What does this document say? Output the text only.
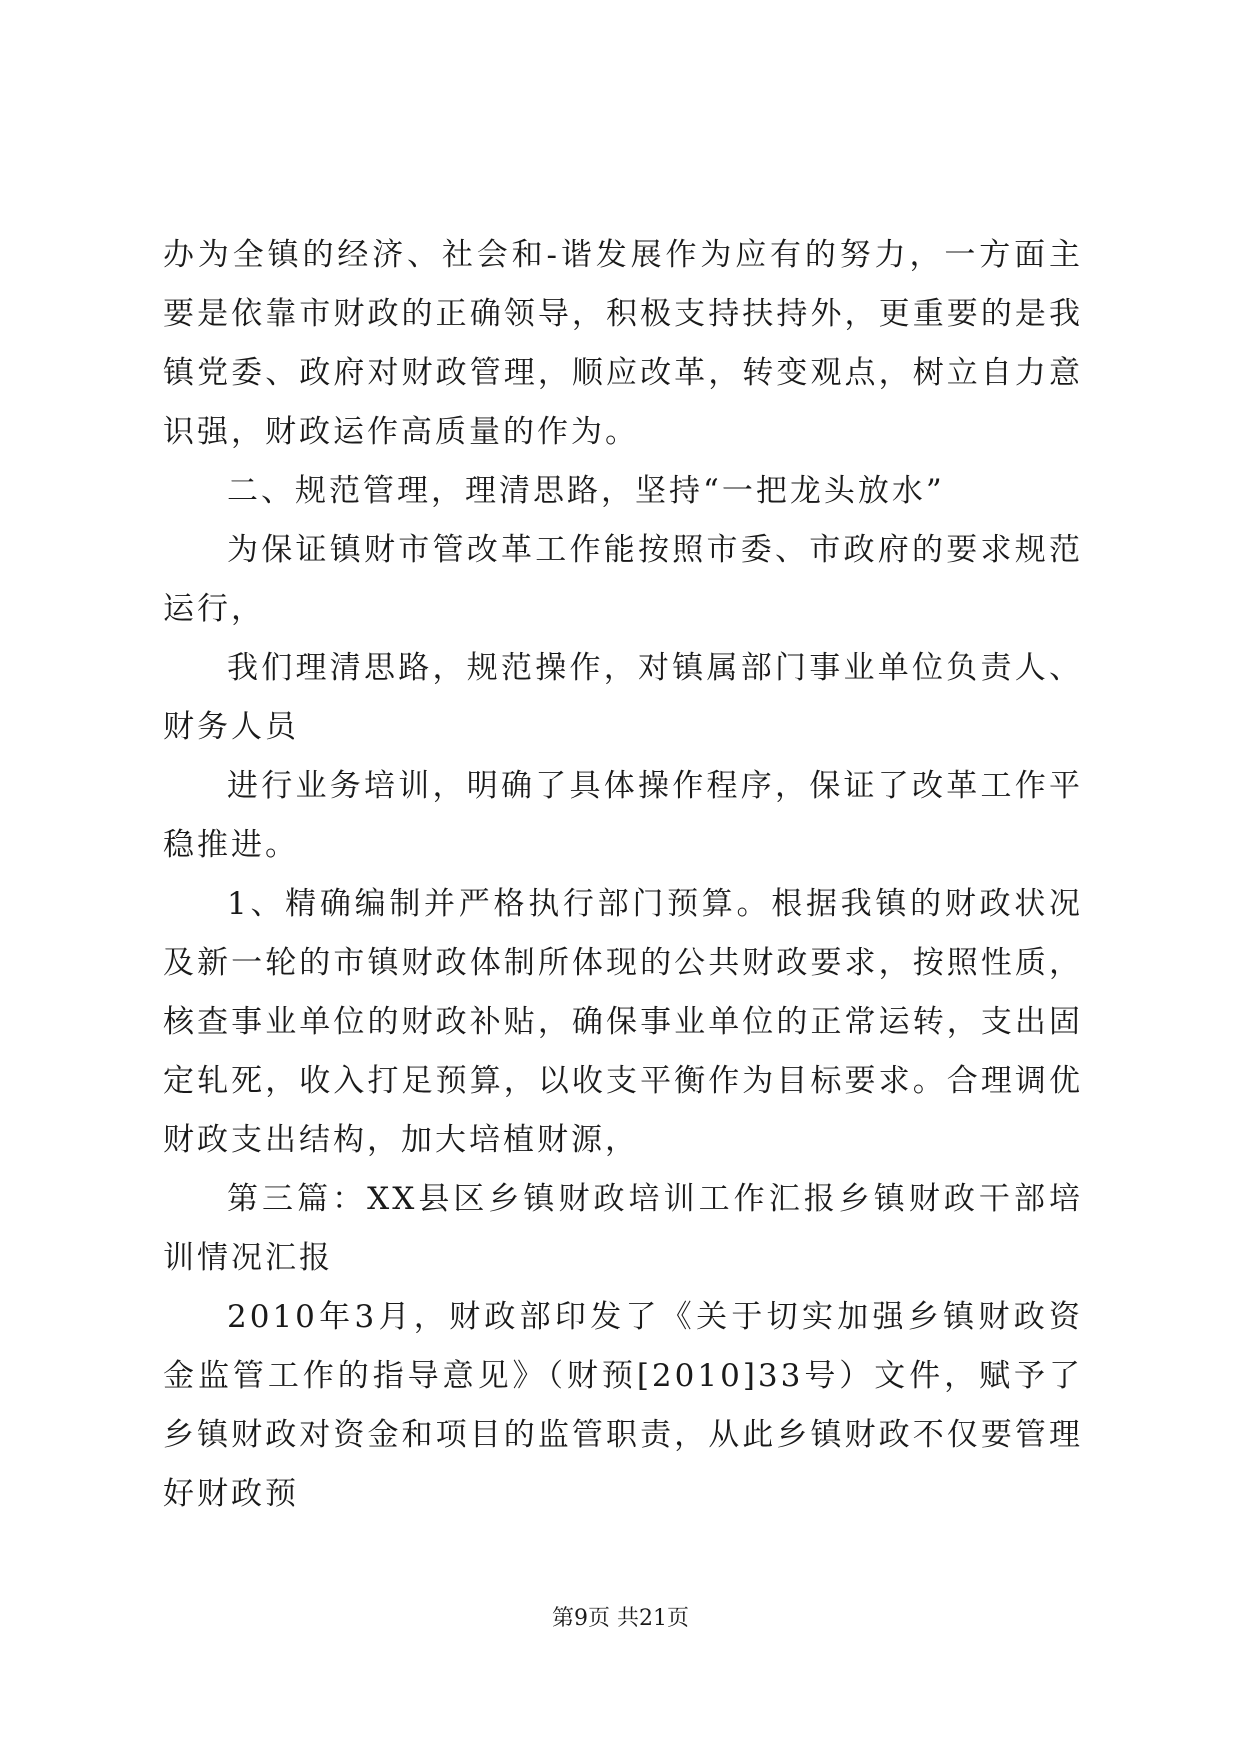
办为全镇的经济、社会和-谐发展作为应有的努力，一方面主要是依靠市财政的正确领导，积极支持扶持外，更重要的是我镇党委、政府对财政管理，顺应改革，转变观点，树立自力意识强，财政运作高质量的作为。

二、规范管理，理清思路，坚持“一把龙头放水”

为保证镇财市管改革工作能按照市委、市政府的要求规范运行，

我们理清思路，规范操作，对镇属部门事业单位负责人、财务人员

进行业务培训，明确了具体操作程序，保证了改革工作平稳推进。

1、精确编制并严格执行部门预算。根据我镇的财政状况及新一轮的市镇财政体制所体现的公共财政要求，按照性质，核查事业单位的财政补贴，确保事业单位的正常运转，支出固定轧死，收入打足预算，以收支平衡作为目标要求。合理调优财政支出结构，加大培植财源，

第三篇：XX县区乡镇财政培训工作汇报乡镇财政干部培训情况汇报

2010年3月，财政部印发了《关于切实加强乡镇财政资金监管工作的指导意见》（财预[2010]33号）文件，赋予了乡镇财政对资金和项目的监管职责，从此乡镇财政不仅要管理好财政预

第9页 共21页
